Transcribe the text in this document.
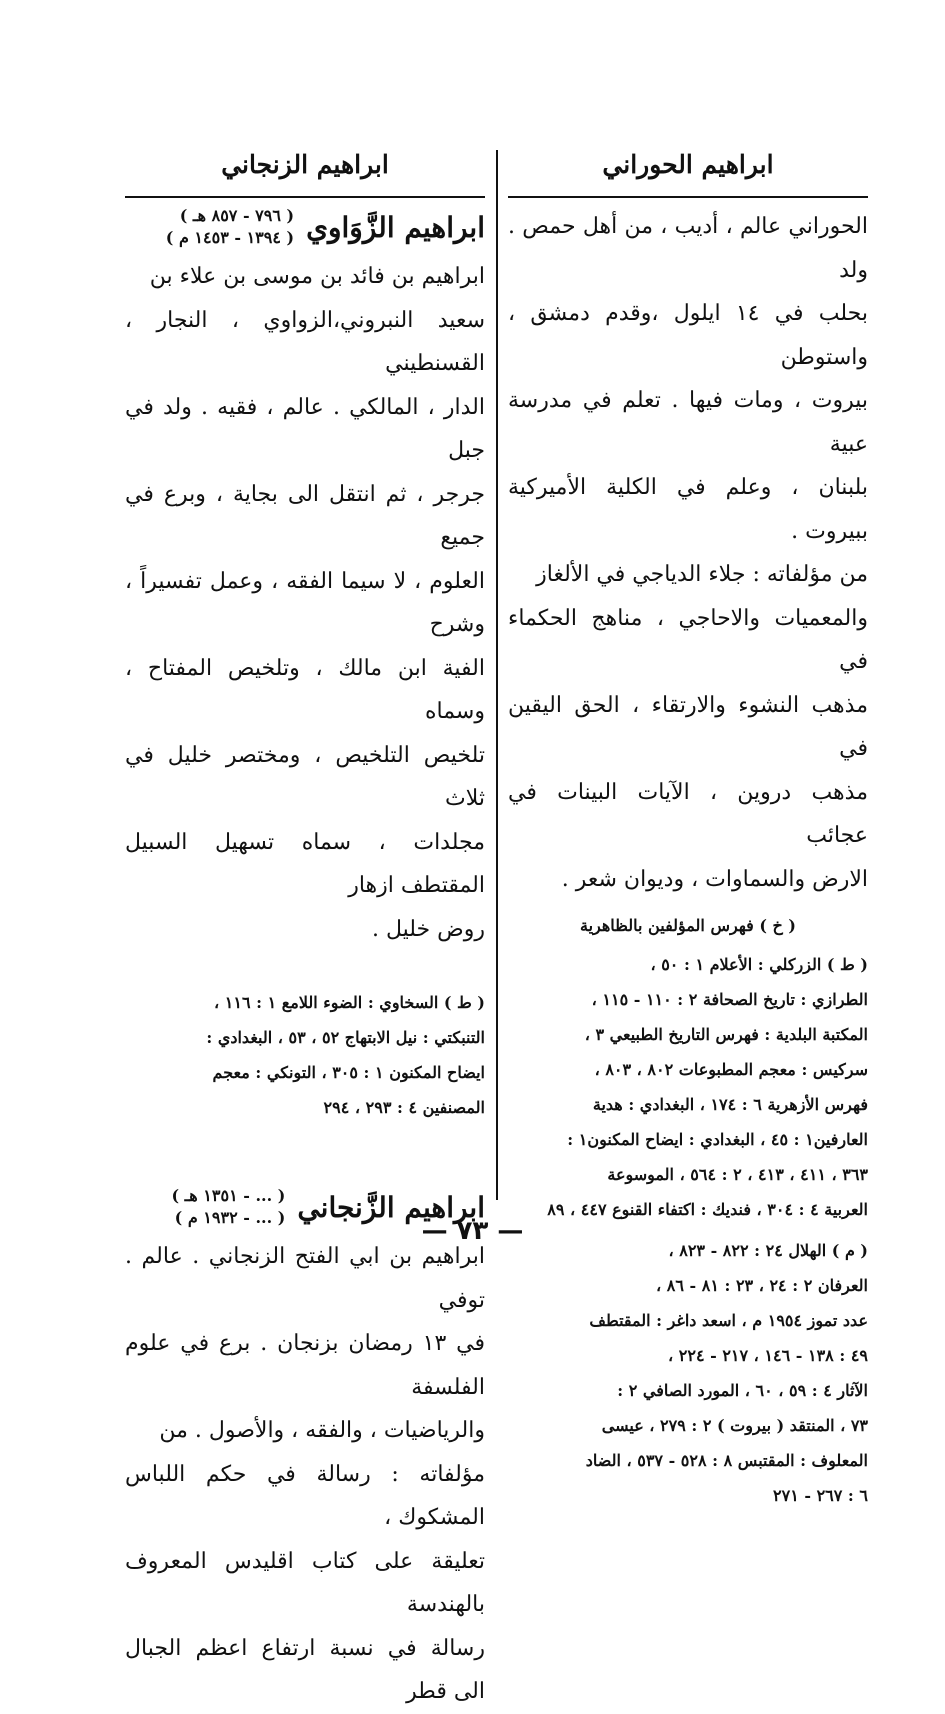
ابراهيم الحوراني
ابراهيم الزنجاني

الحوراني عالم ، أديب ، من أهل حمص . ولد

بحلب في ١٤ ايلول ،وقدم دمشق ، واستوطن

بيروت ، ومات فيها . تعلم في مدرسة عبية

بلبنان ، وعلم في الكلية الأميركية ببيروت .

من مؤلفاته : جلاء الدياجي في الألغاز

والمعميات والاحاجي ، مناهج الحكماء في

مذهب النشوء والارتقاء ، الحق اليقين في

مذهب دروين ، الآيات البينات في عجائب

الارض والسماوات ، وديوان شعر .

( خ ) فهرس المؤلفين بالظاهرية

( ط ) الزركلي : الأعلام ١ : ٥٠ ،

الطرازي : تاريخ الصحافة ٢ : ١١٠ - ١١٥ ،

المكتبة البلدية : فهرس التاريخ الطبيعي ٣ ،

سركيس : معجم المطبوعات ٨٠٢ ، ٨٠٣ ،

فهرس الأزهرية ٦ : ١٧٤ ، البغدادي : هدية

العارفين١ : ٤٥ ، البغدادي : ايضاح المكنون١ :

٣٦٣ ، ٤١١ ، ٤١٣ ، ٢ : ٥٦٤ ، الموسوعة

العربية ٤ : ٣٠٤ ، فنديك : اكتفاء القنوع ٤٤٧ ، ٨٩

( م ) الهلال ٢٤ : ٨٢٢ - ٨٢٣ ،

العرفان ٢ : ٢٤ ، ٢٣ : ٨١ - ٨٦ ،

عدد تموز ١٩٥٤ م ، اسعد داغر : المقتطف

٤٩ : ١٣٨ - ١٤٦ ، ٢١٧ - ٢٢٤ ،

الآثار ٤ : ٥٩ ، ٦٠ ، المورد الصافي ٢ :

٧٣ ، المنتقد ( بيروت ) ٢ : ٢٧٩ ، عيسى

المعلوف : المقتبس ٨ : ٥٢٨ - ٥٣٧ ، الضاد

٦ : ٢٦٧ - ٢٧١

ابراهيم الزَّوَاوي
( ٧٩٦ - ٨٥٧ هـ )
( ١٣٩٤ - ١٤٥٣ م )

ابراهيم بن فائد بن موسى بن علاء بن

سعيد النبروني،الزواوي ، النجار ، القسنطيني

الدار ، المالكي . عالم ، فقيه . ولد في جبل

جرجر ، ثم انتقل الى بجاية ، وبرع في جميع

العلوم ، لا سيما الفقه ، وعمل تفسيراً ، وشرح

الفية ابن مالك ، وتلخيص المفتاح ، وسماه

تلخيص التلخيص ، ومختصر خليل في ثلاث

مجلدات ، سماه تسهيل السبيل المقتطف ازهار

روض خليل .

( ط ) السخاوي : الضوء اللامع ١ : ١١٦ ،

التنبكتي : نيل الابتهاج ٥٢ ، ٥٣ ، البغدادي :

ايضاح المكنون ١ : ٣٠٥ ، التونكي : معجم

المصنفين ٤ : ٢٩٣ ، ٢٩٤

ابراهيم الزَّنجاني
( ... - ١٣٥١ هـ )
( ... - ١٩٣٢ م )

ابراهيم بن ابي الفتح الزنجاني . عالم . توفي

في ١٣ رمضان بزنجان . برع في علوم الفلسفة

والرياضيات ، والفقه ، والأصول . من

مؤلفاته : رسالة في حكم اللباس المشكوك ،

تعليقة على كتاب اقليدس المعروف بالهندسة

رسالة في نسبة ارتفاع اعظم الجبال الى قطر

— ٧٣ —
